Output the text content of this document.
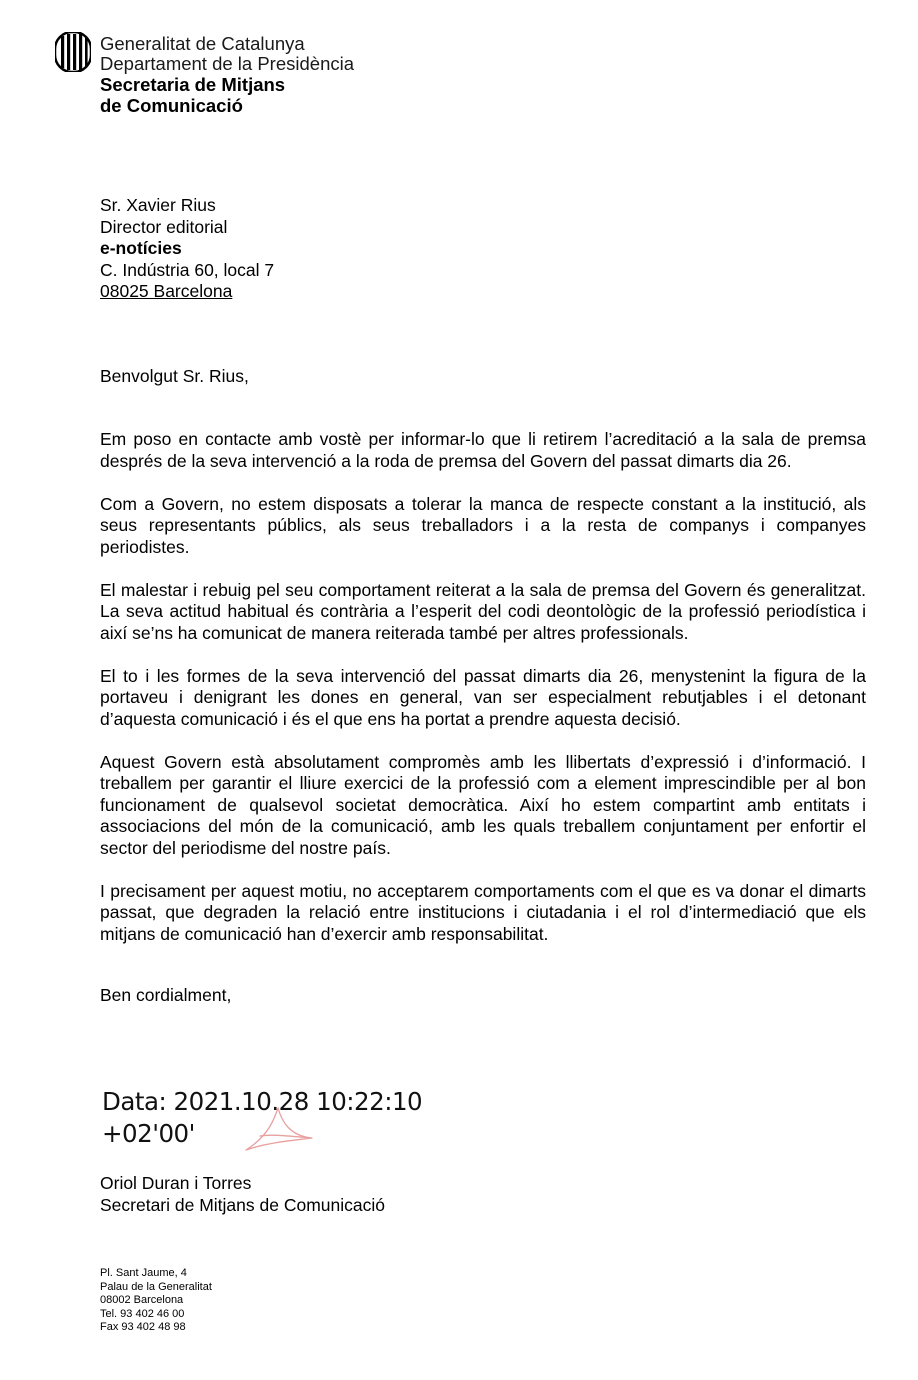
Generalitat de Catalunya
Departament de la Presidència
Secretaria de Mitjans
de Comunicació
Sr. Xavier Rius
Director editorial
e-notícies
C. Indústria 60, local 7
08025 Barcelona
Benvolgut Sr. Rius,

Em poso en contacte amb vostè per informar-lo que li retirem l’acreditació a la sala de premsa després de la seva intervenció a la roda de premsa del Govern del passat dimarts dia 26.

Com a Govern, no estem disposats a tolerar la manca de respecte constant a la institució, als seus representants públics, als seus treballadors i a la resta de companys i companyes periodistes.

El malestar i rebuig pel seu comportament reiterat a la sala de premsa del Govern és generalitzat. La seva actitud habitual és contrària a l’esperit del codi deontològic de la professió periodística i així se’ns ha comunicat de manera reiterada també per altres professionals.

El to i les formes de la seva intervenció del passat dimarts dia 26, menystenint la figura de la portaveu i denigrant les dones en general, van ser especialment rebutjables i el detonant d’aquesta comunicació i és el que ens ha portat a prendre aquesta decisió.

Aquest Govern està absolutament compromès amb les llibertats d’expressió i d’informació. I treballem per garantir el lliure exercici de la professió com a element imprescindible per al bon funcionament de qualsevol societat democràtica. Així ho estem compartint amb entitats i associacions del món de la comunicació, amb les quals treballem conjuntament per enfortir el sector del periodisme del nostre país.

I precisament per aquest motiu, no acceptarem comportaments com el que es va donar el dimarts passat, que degraden la relació entre institucions i ciutadania i el rol d’intermediació que els mitjans de comunicació han d’exercir amb responsabilitat.

Ben cordialment,
Data: 2021.10.28 10:22:10
+02'00'
Oriol Duran i Torres
Secretari de Mitjans de Comunicació
Pl. Sant Jaume, 4
Palau de la Generalitat
08002 Barcelona
Tel. 93 402 46 00
Fax 93 402 48 98
